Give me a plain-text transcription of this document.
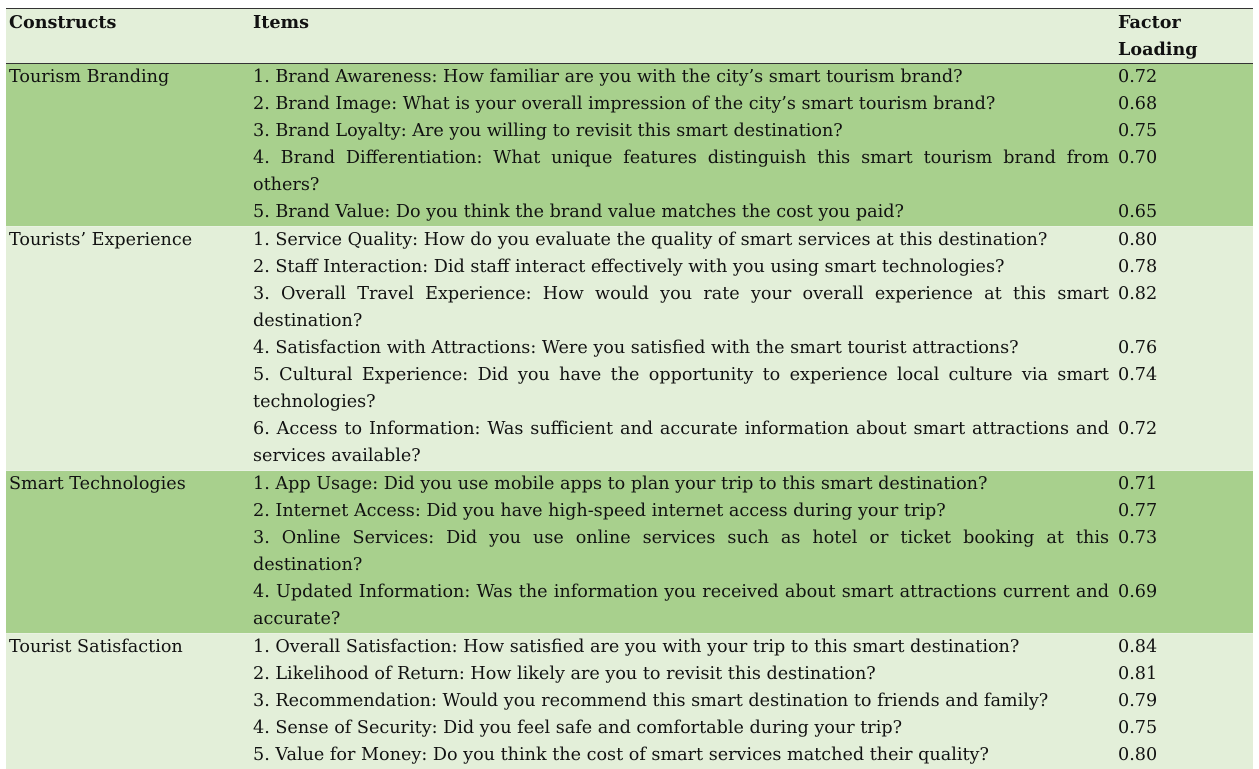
Constructs	Items	Factor Loading
Tourism Branding	1. Brand Awareness: How familiar are you with the city’s smart tourism brand?	0.72
	2. Brand Image: What is your overall impression of the city’s smart tourism brand?	0.68
	3. Brand Loyalty: Are you willing to revisit this smart destination?	0.75
	4. Brand Differentiation: What unique features distinguish this smart tourism brand from others?	0.70
	5. Brand Value: Do you think the brand value matches the cost you paid?	0.65
Tourists’ Experience	1. Service Quality: How do you evaluate the quality of smart services at this destination?	0.80
	2. Staff Interaction: Did staff interact effectively with you using smart technologies?	0.78
	3. Overall Travel Experience: How would you rate your overall experience at this smart destination?	0.82
	4. Satisfaction with Attractions: Were you satisfied with the smart tourist attractions?	0.76
	5. Cultural Experience: Did you have the opportunity to experience local culture via smart technologies?	0.74
	6. Access to Information: Was sufficient and accurate information about smart attractions and services available?	0.72
Smart Technologies	1. App Usage: Did you use mobile apps to plan your trip to this smart destination?	0.71
	2. Internet Access: Did you have high-speed internet access during your trip?	0.77
	3. Online Services: Did you use online services such as hotel or ticket booking at this destination?	0.73
	4. Updated Information: Was the information you received about smart attractions current and accurate?	0.69
Tourist Satisfaction	1. Overall Satisfaction: How satisfied are you with your trip to this smart destination?	0.84
	2. Likelihood of Return: How likely are you to revisit this destination?	0.81
	3. Recommendation: Would you recommend this smart destination to friends and family?	0.79
	4. Sense of Security: Did you feel safe and comfortable during your trip?	0.75
	5. Value for Money: Do you think the cost of smart services matched their quality?	0.80
